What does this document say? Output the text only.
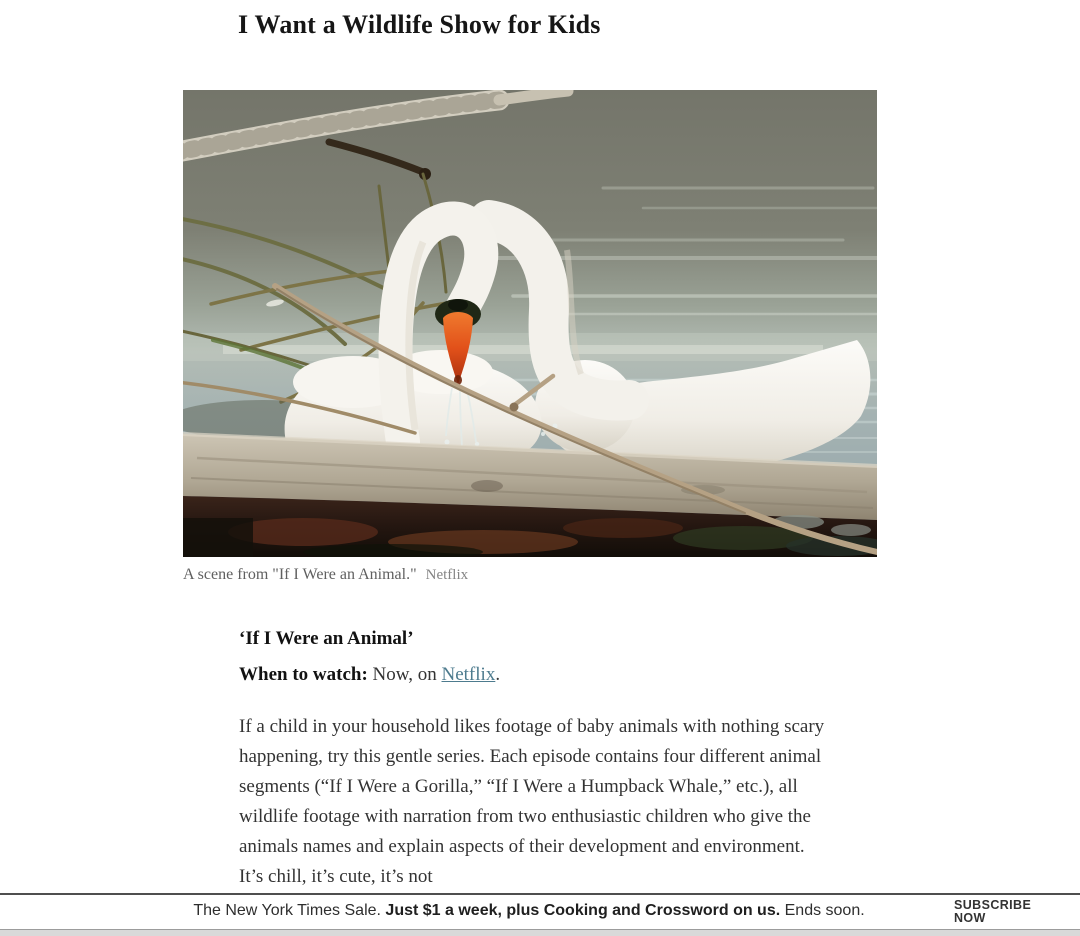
I Want a Wildlife Show for Kids
A scene from "If I Were an Animal." Netflix

‘If I Were an Animal’

When to watch: Now, on Netflix.

If a child in your household likes footage of baby animals with nothing scary happening, try this gentle series. Each episode contains four different animal segments (“If I Were a Gorilla,” “If I Were a Humpback Whale,” etc.), all wildlife footage with narration from two enthusiastic children who give the animals names and explain aspects of their development and environment. It’s chill, it’s cute, it’s not

The New York Times Sale. Just $1 a week, plus Cooking and Crossword on us. Ends soon.	SUBSCRIBE
NOW
